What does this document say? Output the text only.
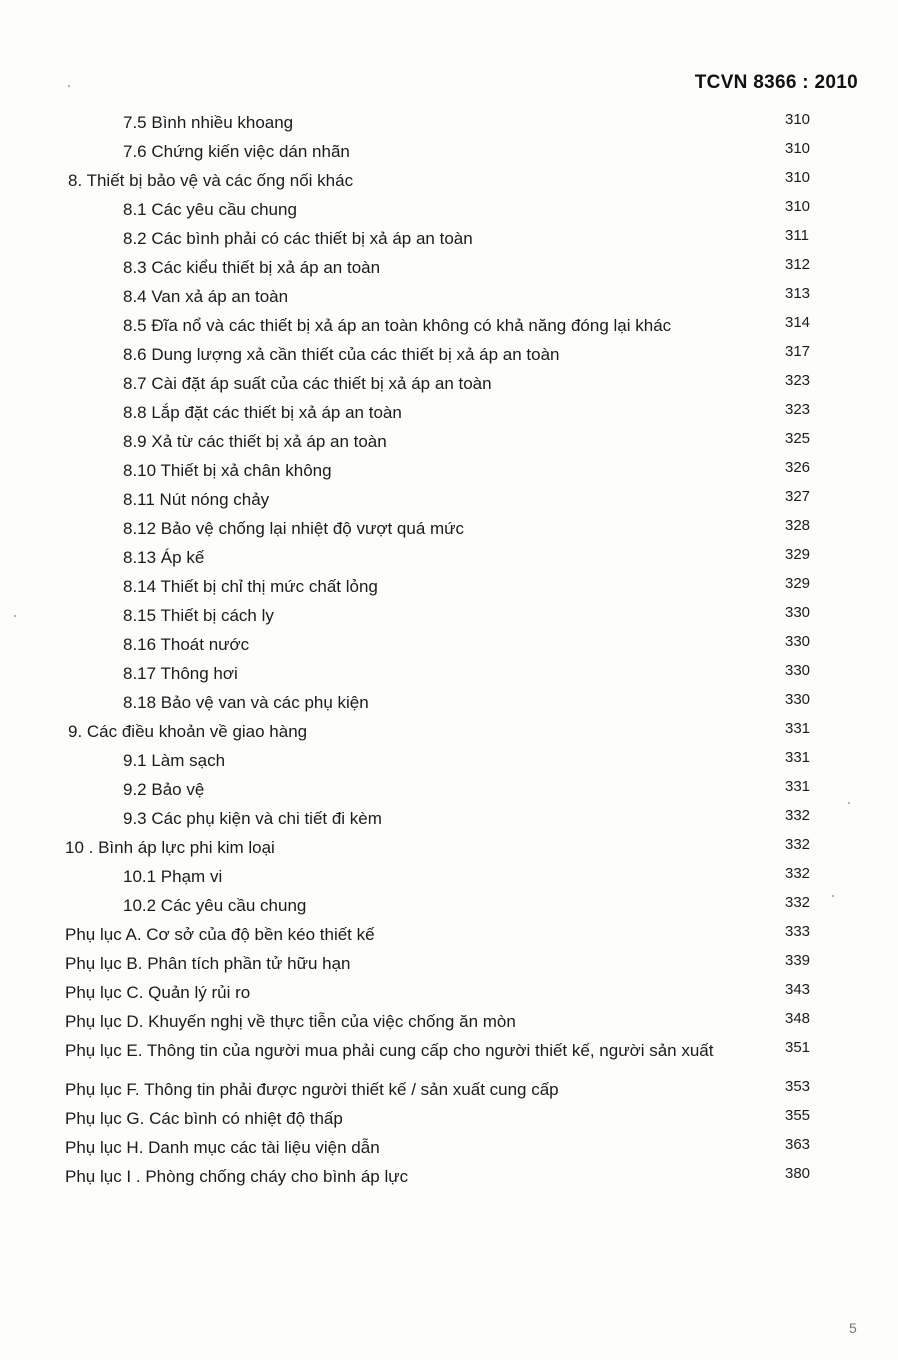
TCVN 8366 : 2010
7.5 Bình nhiều khoang	310
7.6 Chứng kiến việc dán nhãn	310
8. Thiết bị bảo vệ và các ống nối khác	310
8.1 Các yêu cầu chung	310
8.2 Các bình phải có các thiết bị xả áp an toàn	311
8.3 Các kiểu thiết bị xả áp an toàn	312
8.4 Van xả áp an toàn	313
8.5 Đĩa nổ và các thiết bị xả áp an toàn không có khả năng đóng lại khác	314
8.6 Dung lượng xả cần thiết của các thiết bị xả áp an toàn	317
8.7 Cài đặt áp suất của các thiết bị xả áp an toàn	323
8.8 Lắp đặt các thiết bị xả áp an toàn	323
8.9 Xả từ các thiết bị xả áp an toàn	325
8.10 Thiết bị xả chân không	326
8.11 Nút nóng chảy	327
8.12 Bảo vệ chống lại nhiệt độ vượt quá mức	328
8.13 Áp kế	329
8.14 Thiết bị chỉ thị mức chất lỏng	329
8.15 Thiết bị cách ly	330
8.16 Thoát nước	330
8.17 Thông hơi	330
8.18 Bảo vệ van và các phụ kiện	330
9. Các điều khoản về giao hàng	331
9.1 Làm sạch	331
9.2 Bảo vệ	331
9.3 Các phụ kiện và chi tiết đi kèm	332
10 . Bình áp lực phi kim loại	332
10.1 Phạm vi	332
10.2 Các yêu cầu chung	332
Phụ lục A. Cơ sở của độ bền kéo thiết kế	333
Phụ lục B. Phân tích phần tử hữu hạn	339
Phụ lục C. Quản lý rủi ro	343
Phụ lục D. Khuyến nghị về thực tiễn của việc chống ăn mòn	348
Phụ lục E. Thông tin của người mua phải cung cấp cho người thiết kế, người sản xuất	351
Phụ lục F. Thông tin phải được người thiết kế / sản xuất cung cấp	353
Phụ lục G. Các bình có nhiệt độ thấp	355
Phụ lục H. Danh mục các tài liệu viện dẫn	363
Phụ lục I . Phòng chống cháy cho bình áp lực	380
5
